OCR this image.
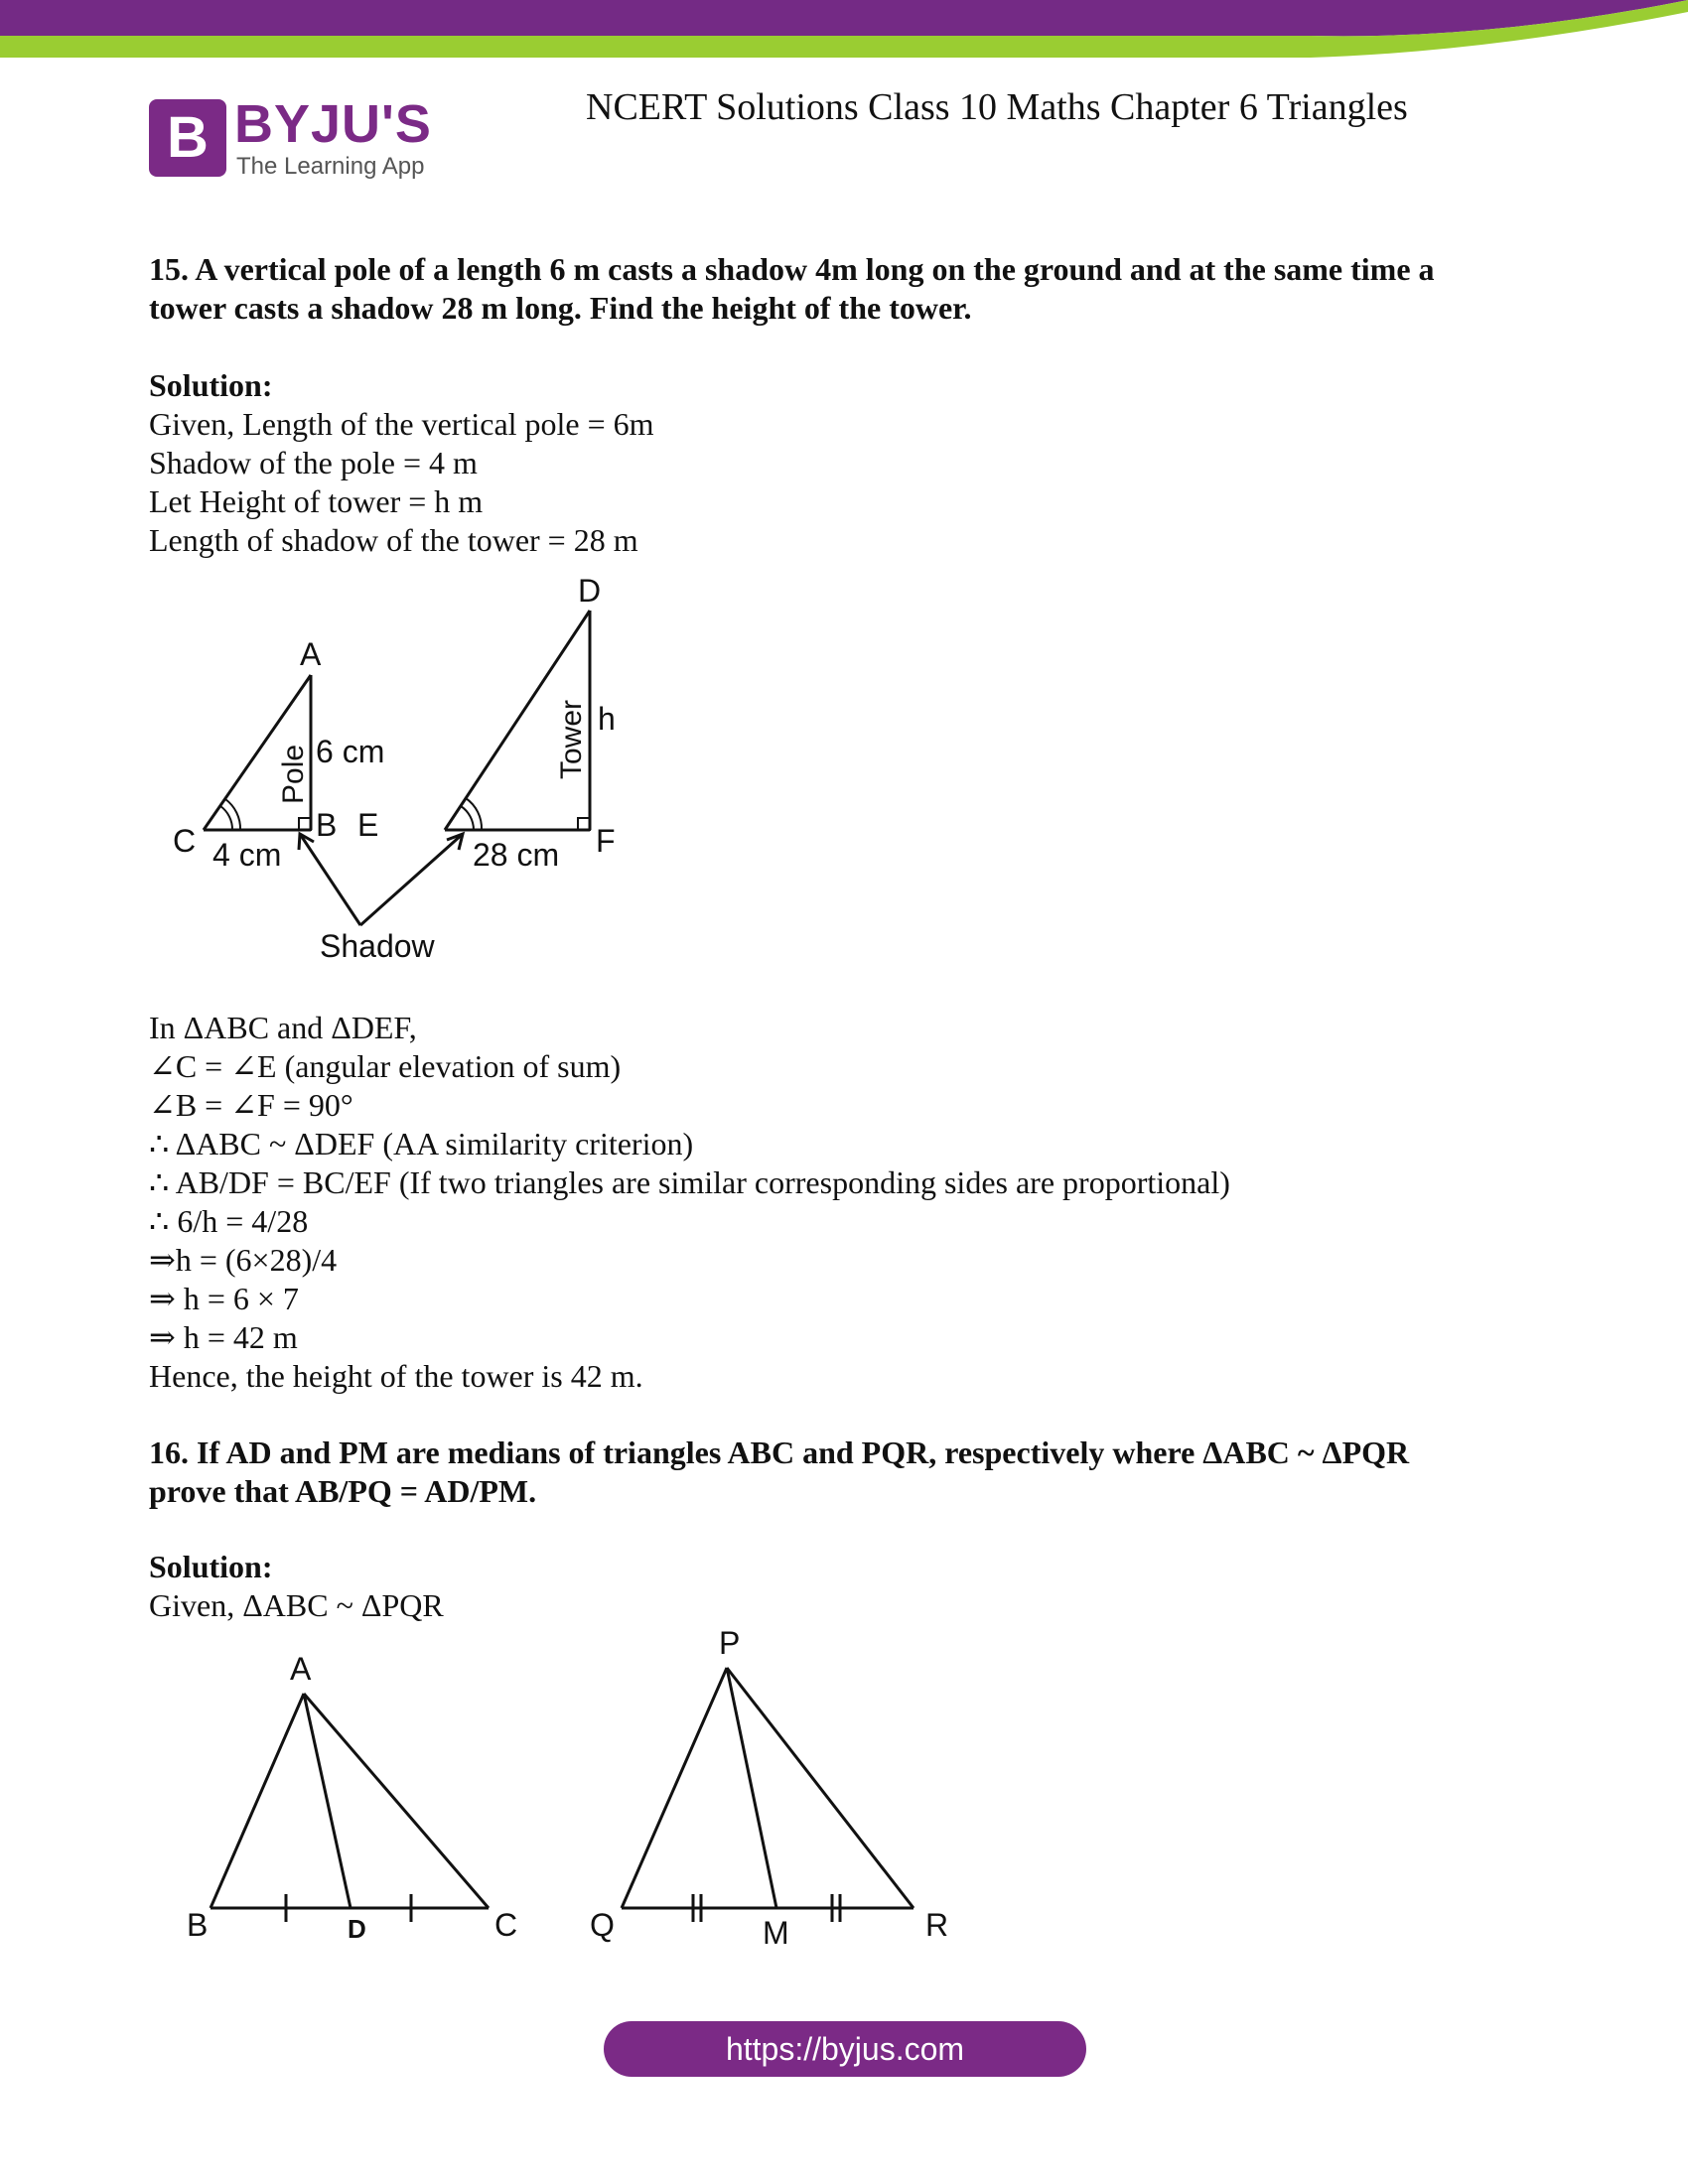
B BYJU'S
The Learning App
NCERT Solutions Class 10 Maths Chapter 6 Triangles
15. A vertical pole of a length 6 m casts a shadow 4m long on the ground and at the same time a
tower casts a shadow 28 m long. Find the height of the tower.
Solution:
Given, Length of the vertical pole = 6m
Shadow of the pole = 4 m
Let Height of tower = h m
Length of shadow of the tower = 28 m
A
B E
C 4 cm
6 cm
Pole
D
h
Tower
F
28 cm
Shadow
In ΔABC and ΔDEF,
∠C = ∠E (angular elevation of sum)
∠B = ∠F = 90°
∴ ΔABC ~ ΔDEF (AA similarity criterion)
∴ AB/DF = BC/EF (If two triangles are similar corresponding sides are proportional)
∴ 6/h = 4/28
⇒h = (6×28)/4
⇒ h = 6 × 7
⇒ h = 42 m
Hence, the height of the tower is 42 m.
16. If AD and PM are medians of triangles ABC and PQR, respectively where ΔABC ~ ΔPQR
prove that AB/PQ = AD/PM.
Solution:
Given, ΔABC ~ ΔPQR
A
B	D	C
P
Q	M	R
https://byjus.com
